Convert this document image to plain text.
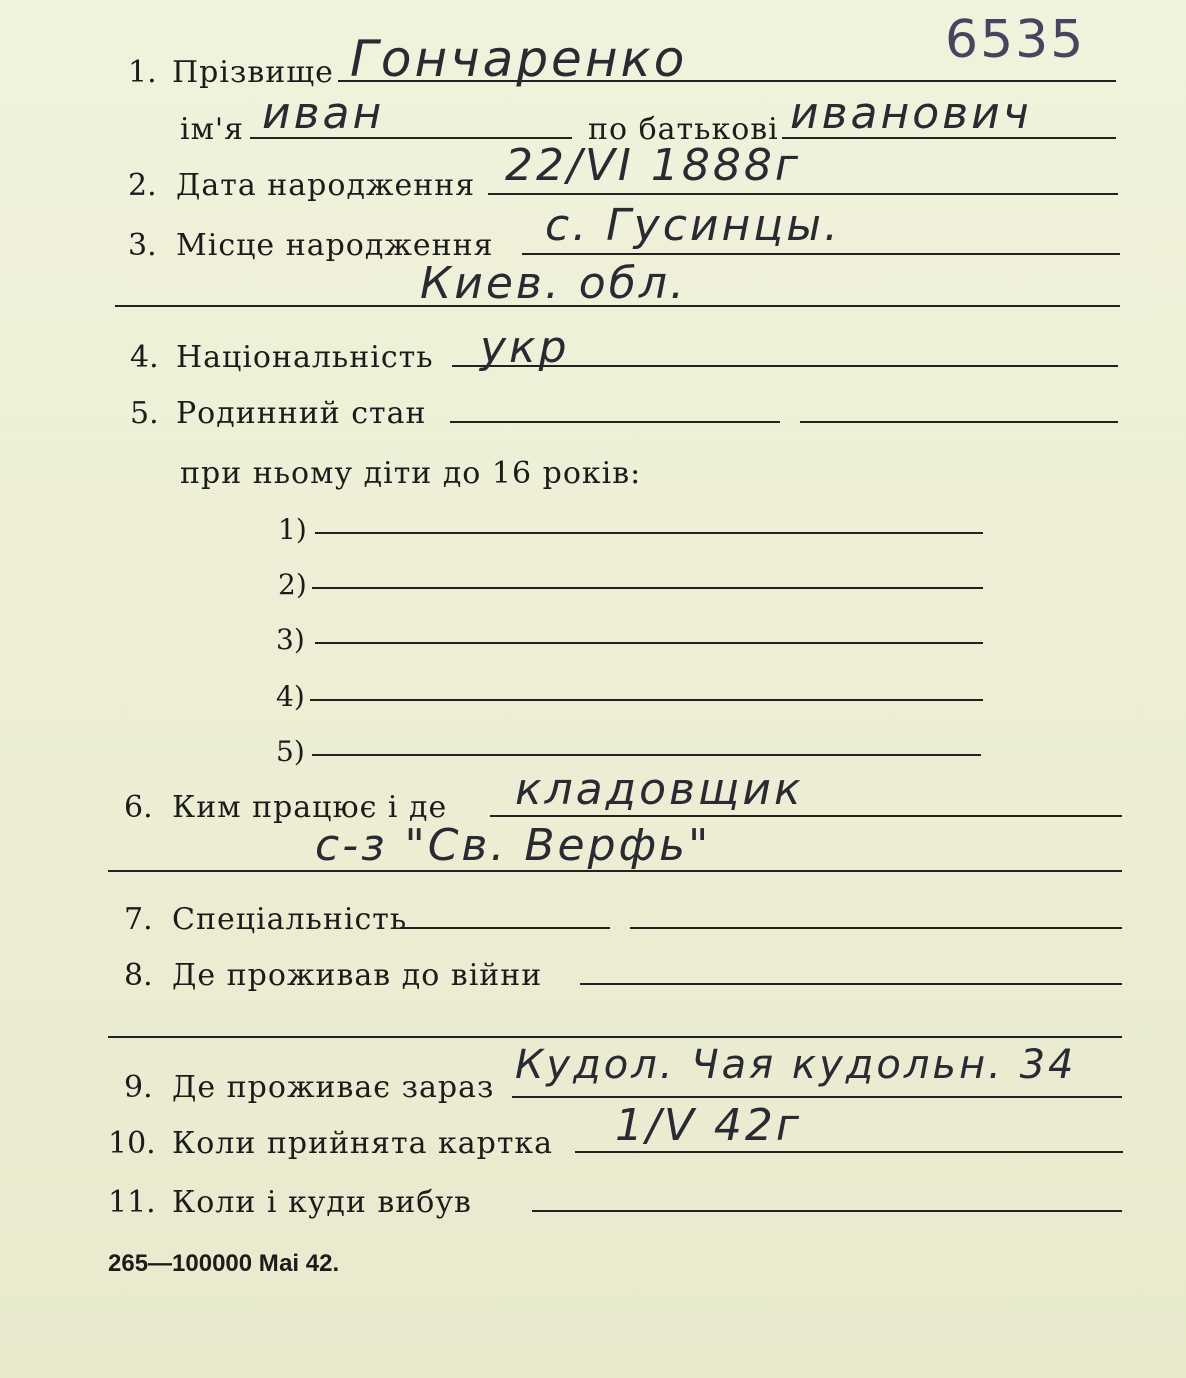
6535
1. Прізвище Гончаренко
ім'я иван	по батькові иванович
2. Дата народження 22/VI 1888г
3. Місце народження с. Гусинцы.
Киев. обл.
4. Національність укр
5. Родинний стан
при ньому діти до 16 років:
1)
2)
3)
4)
5)
6. Ким працює і де кладовщик
с-з "Св. Верфь"
7. Спеціальність
8. Де проживав до війни
9. Де проживає зараз Кудол. Чая кудольн. 34
10. Коли прийнята картка 1/V 42г
11. Коли і куди вибув
265—100000 Маі 42.
